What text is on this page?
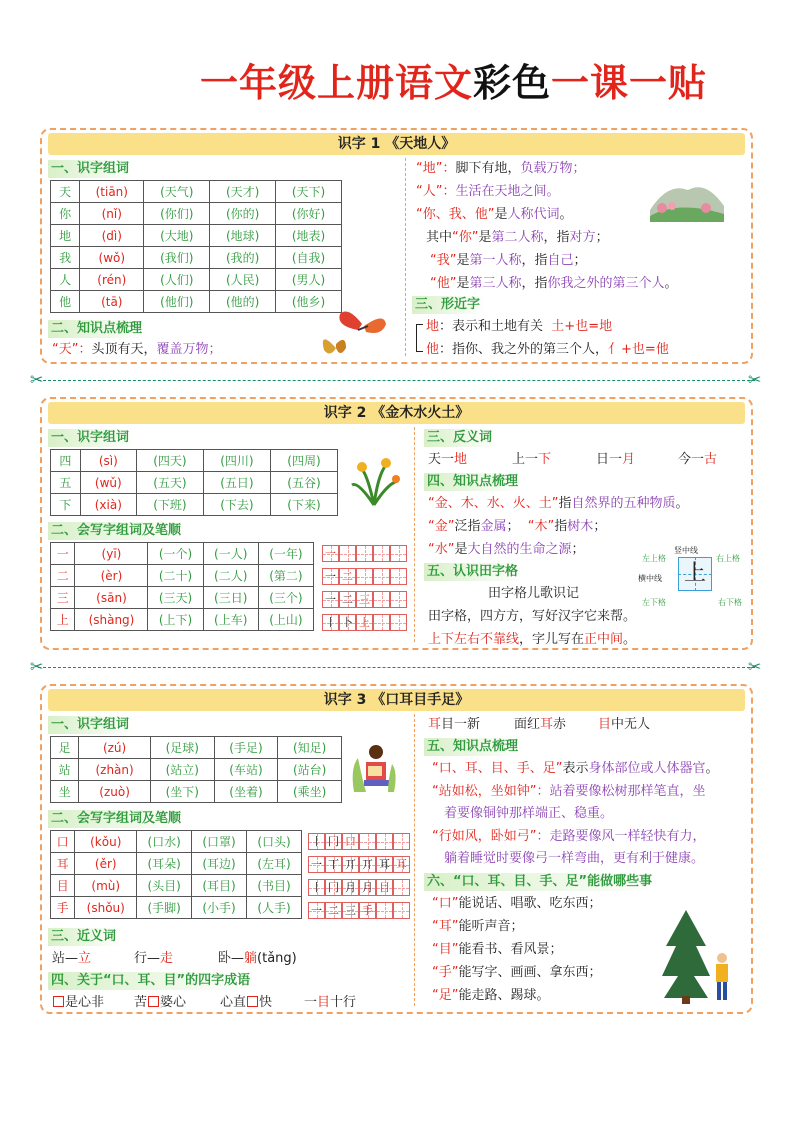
一年级上册语文彩色一课一贴
识字 1 《天地人》
一、识字组词
天	(tiān)	(天气)	(天才)	(天下)
你	(nǐ)	(你们)	(你的)	(你好)
地	(dì)	(大地)	(地球)	(地表)
我	(wǒ)	(我们)	(我的)	(自我)
人	(rén)	(人们)	(人民)	(男人)
他	(tā)	(他们)	(他的)	(他乡)
二、知识点梳理
“天”：头顶有天，覆盖万物；
“地”：脚下有地，负载万物；
“人”：生活在天地之间。
“你、我、他”是人称代词。
其中“你”是第二人称，指对方；
“我”是第一人称，指自己；
“他”是第三人称，指你我之外的第三个人。
三、形近字
地：表示和土地有关 土+也=地
他：指你、我之外的第三个人，亻+也=他
✂	✂
识字 2 《金木水火土》
一、识字组词
四	(sì)	(四天)	(四川)	(四周)
五	(wǔ)	(五天)	(五日)	(五谷)
下	(xià)	(下班)	(下去)	(下来)
二、会写字组词及笔顺
一	(yī)	(一个)	(一人)	(一年)
二	(èr)	(二十)	(二人)	(第二)
三	(sān)	(三天)	(三日)	(三个)
上	(shàng)	(上下)	(上车)	(上山)
一
一 二
一 二 三
丨 卜 上
三、反义词
天一地	上一下	日一月	今一古
四、知识点梳理
“金、木、水、火、土”指自然界的五种物质。
“金”泛指金属； “木”指树木；
“水”是大自然的生命之源；
五、认识田字格
田字格儿歌识记
田字格，四方方，写好汉字它来帮。
上下左右不靠线，字儿写在正中间。
竖中线
左上格	右上格
横中线
左下格	右下格
上
✂	✂
识字 3 《口耳目手足》
一、识字组词
足	(zú)	(足球)	(手足)	(知足)
站	(zhàn)	(站立)	(车站)	(站台)
坐	(zuò)	(坐下)	(坐着)	(乘坐)
二、会写字组词及笔顺
口	(kǒu)	(口水)	(口罩)	(口头)
耳	(ěr)	(耳朵)	(耳边)	(左耳)
目	(mù)	(头目)	(耳目)	(书目)
手	(shǒu)	(手脚)	(小手)	(人手)
丨 冂 口
一 丅 丌 丌 耳 耳
丨 冂 月 月 目
一 二 三 手
三、近义词
站—立	行—走	卧—躺(tǎng)
四、关于“口、耳、目”的四字成语
是心非 苦 婆心	心直 快 一目十行
耳目一新	面红耳赤 目中无人
五、知识点梳理
“口、耳、目、手、足”表示身体部位或人体器官。
“站如松，坐如钟”：站着要像松树那样笔直，坐
着要像铜钟那样端正、稳重。
“行如风，卧如弓”：走路要像风一样轻快有力，
躺着睡觉时要像弓一样弯曲，更有利于健康。
六、“口、耳、目、手、足”能做哪些事
“口”能说话、唱歌、吃东西；
“耳”能听声音；
“目”能看书、看风景；
“手”能写字、画画、拿东西；
“足”能走路、踢球。
